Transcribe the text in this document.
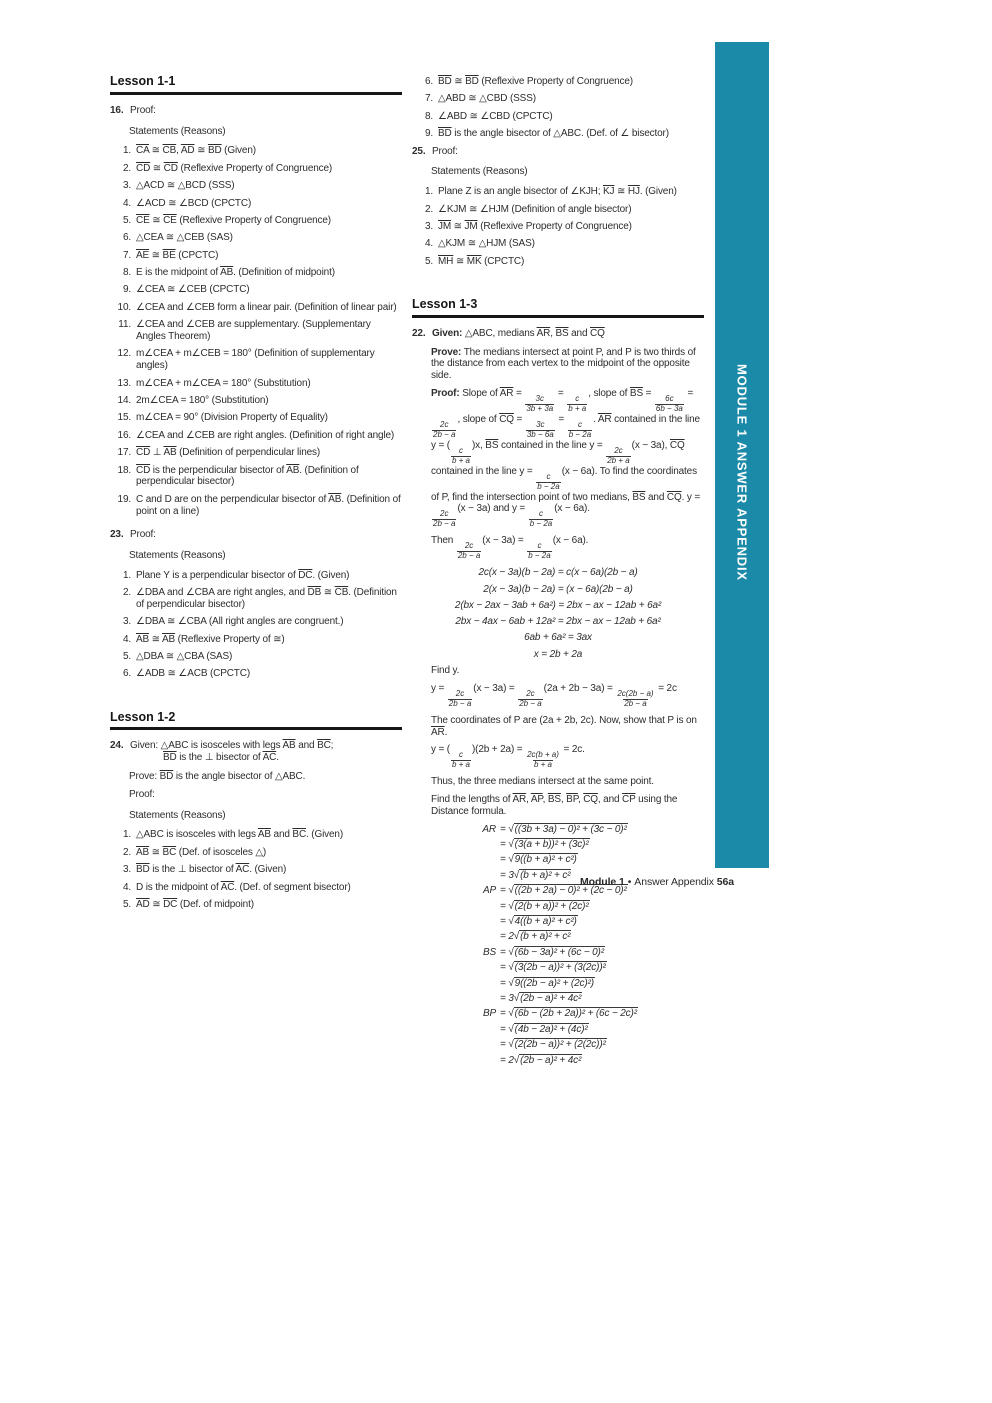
Lesson 1-1
16. Proof:
Statements (Reasons)
1. $\overline{CA}$ ≅ $\overline{CB}$, $\overline{AD}$ ≅ $\overline{BD}$ (Given)
2. $\overline{CD}$ ≅ $\overline{CD}$ (Reflexive Property of Congruence)
3. △ACD ≅ △BCD (SSS)
4. ∠ACD ≅ ∠BCD (CPCTC)
5. $\overline{CE}$ ≅ $\overline{CE}$ (Reflexive Property of Congruence)
6. △CEA ≅ △CEB (SAS)
7. $\overline{AE}$ ≅ $\overline{BE}$ (CPCTC)
8. E is the midpoint of $\overline{AB}$. (Definition of midpoint)
9. ∠CEA ≅ ∠CEB (CPCTC)
10. ∠CEA and ∠CEB form a linear pair. (Definition of linear pair)
11. ∠CEA and ∠CEB are supplementary. (Supplementary Angles Theorem)
12. m∠CEA + m∠CEB = 180° (Definition of supplementary angles)
13. m∠CEA + m∠CEA = 180° (Substitution)
14. 2m∠CEA = 180° (Substitution)
15. m∠CEA = 90° (Division Property of Equality)
16. ∠CEA and ∠CEB are right angles. (Definition of right angle)
17. $\overline{CD}$ ⊥ $\overline{AB}$ (Definition of perpendicular lines)
18. $\overline{CD}$ is the perpendicular bisector of $\overline{AB}$. (Definition of perpendicular bisector)
19. C and D are on the perpendicular bisector of $\overline{AB}$. (Definition of point on a line)
23. Proof:
Statements (Reasons)
1. Plane Y is a perpendicular bisector of $\overline{DC}$. (Given)
2. ∠DBA and ∠CBA are right angles, and $\overline{DB}$ ≅ $\overline{CB}$. (Definition of perpendicular bisector)
3. ∠DBA ≅ ∠CBA (All right angles are congruent.)
4. $\overline{AB}$ ≅ $\overline{AB}$ (Reflexive Property of ≅)
5. △DBA ≅ △CBA (SAS)
6. ∠ADB ≅ ∠ACB (CPCTC)
Lesson 1-2
24. Given: △ABC is isosceles with legs $\overline{AB}$ and $\overline{BC}$;
$\overline{BD}$ is the ⊥ bisector of $\overline{AC}$.
Prove: $\overline{BD}$ is the angle bisector of △ABC.
Proof:
Statements (Reasons)
1. △ABC is isosceles with legs $\overline{AB}$ and $\overline{BC}$. (Given)
2. $\overline{AB}$ ≅ $\overline{BC}$ (Def. of isosceles △)
3. $\overline{BD}$ is the ⊥ bisector of $\overline{AC}$. (Given)
4. D is the midpoint of $\overline{AC}$. (Def. of segment bisector)
5. $\overline{AD}$ ≅ $\overline{DC}$ (Def. of midpoint)
6. $\overline{BD}$ ≅ $\overline{BD}$ (Reflexive Property of Congruence)
7. △ABD ≅ △CBD (SSS)
8. ∠ABD ≅ ∠CBD (CPCTC)
9. $\overline{BD}$ is the angle bisector of △ABC. (Def. of ∠ bisector)
25. Proof:
Statements (Reasons)
1. Plane Z is an angle bisector of ∠KJH; $\overline{KJ}$ ≅ $\overline{HJ}$. (Given)
2. ∠KJM ≅ ∠HJM (Definition of angle bisector)
3. $\overline{JM}$ ≅ $\overline{JM}$ (Reflexive Property of Congruence)
4. △KJM ≅ △HJM (SAS)
5. $\overline{MH}$ ≅ $\overline{MK}$ (CPCTC)
Lesson 1-3
22. Given: △ABC, medians $\overline{AR}$, $\overline{BS}$ and $\overline{CQ}$
Prove: The medians intersect at point P, and P is two thirds of the distance from each vertex to the midpoint of the opposite side.
Proof: Slope of $\overline{AR}$ =
$\frac{3c}{3b + 3a}$
=
$\frac{c}{b + a}$
, slope of $\overline{BS}$ =
$\frac{6c}{6b - 3a}$
=
$\frac{2c}{2b - a}$
, slope of $\overline{CQ}$ =
$\frac{3c}{3b - 6a}$
=
$\frac{c}{b - 2a}$
. $\overline{AR}$ contained in the line y = (
$\frac{c}{b + a}$
)x, $\overline{BS}$ contained in the line y =
$\frac{2c}{2b + a}$
(x − 3a), $\overline{CQ}$ contained in the line y =
$\frac{c}{b - 2a}$
(x − 6a). To find the coordinates of P, find the intersection point of two medians, $\overline{BS}$ and $\overline{CQ}$. y =
$\frac{2c}{2b - a}$
(x − 3a) and y =
$\frac{c}{b - 2a}$
(x − 6a).
Then
$\frac{2c}{2b - a}$
(x − 3a) =
$\frac{c}{b - 2a}$
(x − 6a).
2c(x − 3a)(b − 2a) = c(x − 6a)(2b − a)
2(x − 3a)(b − 2a) = (x − 6a)(2b − a)
2(bx − 2ax − 3ab + 6a²) = 2bx − ax − 12ab + 6a²
2bx − 4ax − 6ab + 12a² = 2bx − ax − 12ab + 6a²
6ab + 6a² = 3ax
x = 2b + 2a
Find y.
y =
$\frac{2c}{2b - a}$
(x − 3a) =
$\frac{2c}{2b - a}$
(2a + 2b − 3a) =
$\frac{2c(2b - a)}{2b - a}$
= 2c
The coordinates of P are (2a + 2b, 2c). Now, show that P is on $\overline{AR}$.
y = (
$\frac{c}{b + a}$
)(2b + 2a) =
$\frac{2c(b + a)}{b + a}$
= 2c.
Thus, the three medians intersect at the same point.
Find the lengths of $\overline{AR}$, $\overline{AP}$, $\overline{BS}$, $\overline{BP}$, $\overline{CQ}$, and $\overline{CP}$ using the Distance formula.
AR = √((3b + 3a) − 0)² + (3c − 0)²
= √(3(a + b))² + (3c)²
= √9((b + a)² + c²)
= 3√(b + a)² + c²
AP = √((2b + 2a) − 0)² + (2c − 0)²
= √(2(b + a))² + (2c)²
= √4((b + a)² + c²)
= 2√(b + a)² + c²
BS = √(6b − 3a)² + (6c − 0)²
= √(3(2b − a))² + (3(2c))²
= √9((2b − a)² + (2c)²)
= 3√(2b − a)² + 4c²
BP = √(6b − (2b + 2a))² + (6c − 2c)²
= √(4b − 2a)² + (4c)²
= √(2(2b − a))² + (2(2c))²
= 2√(2b − a)² + 4c²
MODULE 1 ANSWER APPENDIX
Module 1 • Answer Appendix 56a
